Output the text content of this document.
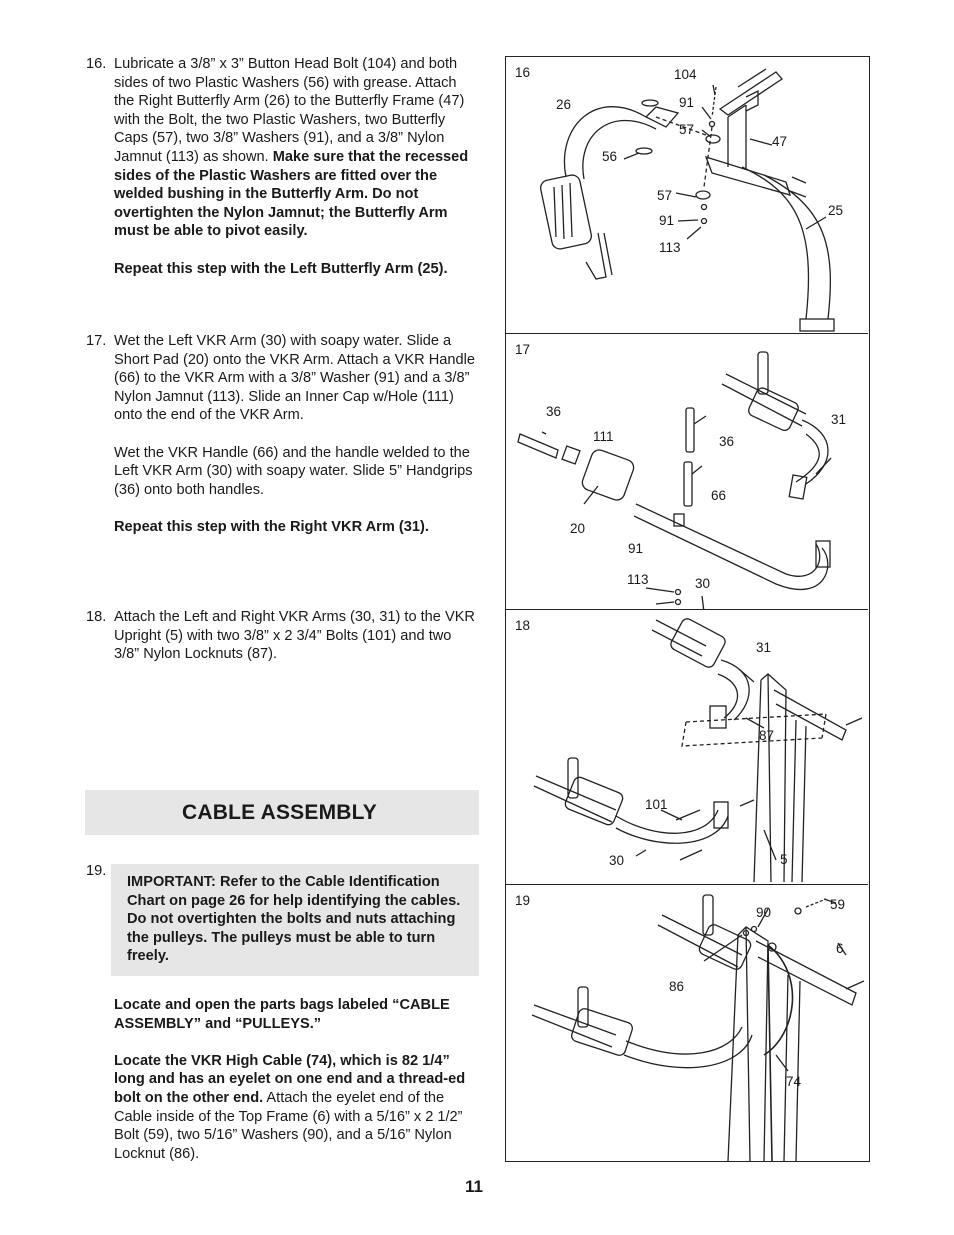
16. Lubricate a 3/8” x 3” Button Head Bolt (104) and both sides of two Plastic Washers (56) with grease. Attach the Right Butterfly Arm (26) to the Butterfly Frame (47) with the Bolt, the two Plastic Washers, two Butterfly Caps (57), two 3/8” Washers (91), and a 3/8” Nylon Jamnut (113) as shown. Make sure that the recessed sides of the Plastic Washers are fitted over the welded bushing in the Butterfly Arm. Do not overtighten the Nylon Jamnut; the Butterfly Arm must be able to pivot easily.

Repeat this step with the Left Butterfly Arm (25).

17. Wet the Left VKR Arm (30) with soapy water. Slide a Short Pad (20) onto the VKR Arm. Attach a VKR Handle (66) to the VKR Arm with a 3/8” Washer (91) and a 3/8” Nylon Jamnut (113). Slide an Inner Cap w/Hole (111) onto the end of the VKR Arm.

Wet the VKR Handle (66) and the handle welded to the Left VKR Arm (30) with soapy water. Slide 5” Handgrips (36) onto both handles.

Repeat this step with the Right VKR Arm (31).

18. Attach the Left and Right VKR Arms (30, 31) to the VKR Upright (5) with two 3/8” x 2 3/4” Bolts (101) and two 3/8” Nylon Locknuts (87).

CABLE ASSEMBLY
19.
IMPORTANT: Refer to the Cable Identification Chart on page 26 for help identifying the cables. Do not overtighten the bolts and nuts attaching the pulleys. The pulleys must be able to turn freely.

Locate and open the parts bags labeled “CABLE ASSEMBLY” and “PULLEYS.”

Locate the VKR High Cable (74), which is 82 1/4” long and has an eyelet on one end and a thread-ed bolt on the other end. Attach the eyelet end of the Cable inside of the Top Frame (6) with a 5/16” x 2 1/2” Bolt (59), two 5/16” Washers (90), and a 5/16” Nylon Locknut (86).

16	104
26	91
57
47
56
57
91
113
25
17
36
31
111	36
66
20
91
113	30
18
31
87
101
30	5
19
90
59
6
86
74
11
